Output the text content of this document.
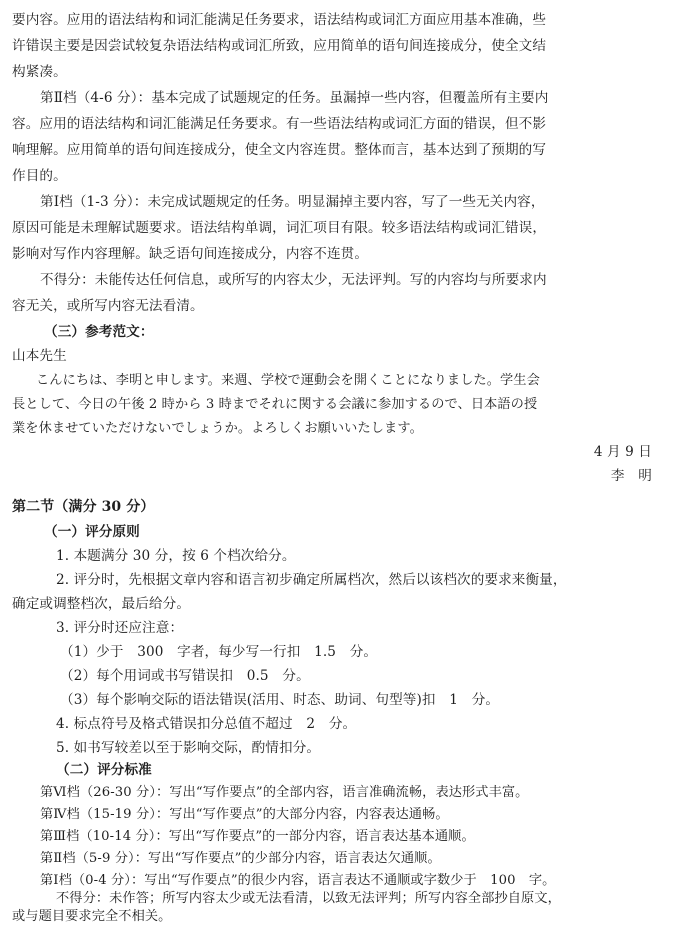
要内容。应用的语法结构和词汇能满足任务要求，语法结构或词汇方面应用基本准确，些
许错误主要是因尝试较复杂语法结构或词汇所致，应用简单的语句间连接成分，使全文结
构紧凑。
第Ⅱ档（4-6 分）：基本完成了试题规定的任务。虽漏掉一些内容，但覆盖所有主要内
容。应用的语法结构和词汇能满足任务要求。有一些语法结构或词汇方面的错误，但不影
响理解。应用简单的语句间连接成分，使全文内容连贯。整体而言，基本达到了预期的写
作目的。
第Ⅰ档（1-3 分）：未完成试题规定的任务。明显漏掉主要内容，写了一些无关内容，
原因可能是未理解试题要求。语法结构单调，词汇项目有限。较多语法结构或词汇错误，
影响对写作内容理解。缺乏语句间连接成分，内容不连贯。
不得分：未能传达任何信息，或所写的内容太少，无法评判。写的内容均与所要求内
容无关，或所写内容无法看清。
（三）参考范文：
山本先生
こんにちは、李明と申します。来週、学校で運動会を開くことになりました。学生会
長として、今日の午後 2 時から 3 時までそれに関する会議に参加するので、日本語の授
業を休ませていただけないでしょうか。よろしくお願いいたします。
4 月 9 日
李　明
第二节（满分 30 分）
（一）评分原则
1. 本题满分 30 分，按 6 个档次给分。
2. 评分时，先根据文章内容和语言初步确定所属档次，然后以该档次的要求来衡量，
确定或调整档次，最后给分。
3. 评分时还应注意：
（1）少于　300　字者，每少写一行扣　1.5　分。
（2）每个用词或书写错误扣　0.5　分。
（3）每个影响交际的语法错误(活用、时态、助词、句型等)扣　1　分。
4. 标点符号及格式错误扣分总值不超过　2　分。
5. 如书写较差以至于影响交际，酌情扣分。
（二）评分标准
第Ⅵ档（26-30 分）：写出“写作要点”的全部内容，语言准确流畅，表达形式丰富。
第Ⅳ档（15-19 分）：写出“写作要点”的大部分内容，内容表达通畅。
第Ⅲ档（10-14 分）：写出“写作要点”的一部分内容，语言表达基本通顺。
第Ⅱ档（5-9 分）：写出“写作要点”的少部分内容，语言表达欠通顺。
第Ⅰ档（0-4 分）：写出“写作要点”的很少内容，语言表达不通顺或字数少于　100　字。
不得分：未作答；所写内容太少或无法看清，以致无法评判；所写内容全部抄自原文，
或与题目要求完全不相关。
